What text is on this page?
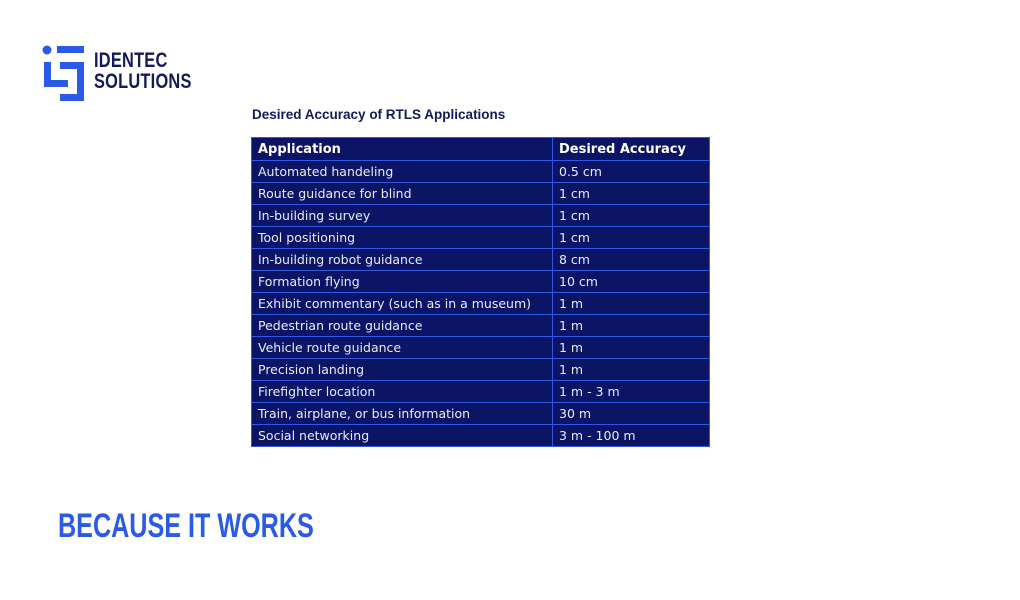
IDENTEC
SOLUTIONS
Desired Accuracy of RTLS Applications
Application	Desired Accuracy
Automated handeling	0.5 cm
Route guidance for blind	1 cm
In-building survey	1 cm
Tool positioning	1 cm
In-building robot guidance	8 cm
Formation flying	10 cm
Exhibit commentary (such as in a museum)	1 m
Pedestrian route guidance	1 m
Vehicle route guidance	1 m
Precision landing	1 m
Firefighter location	1 m - 3 m
Train, airplane, or bus information	30 m
Social networking	3 m - 100 m
BECAUSE IT WORKS
